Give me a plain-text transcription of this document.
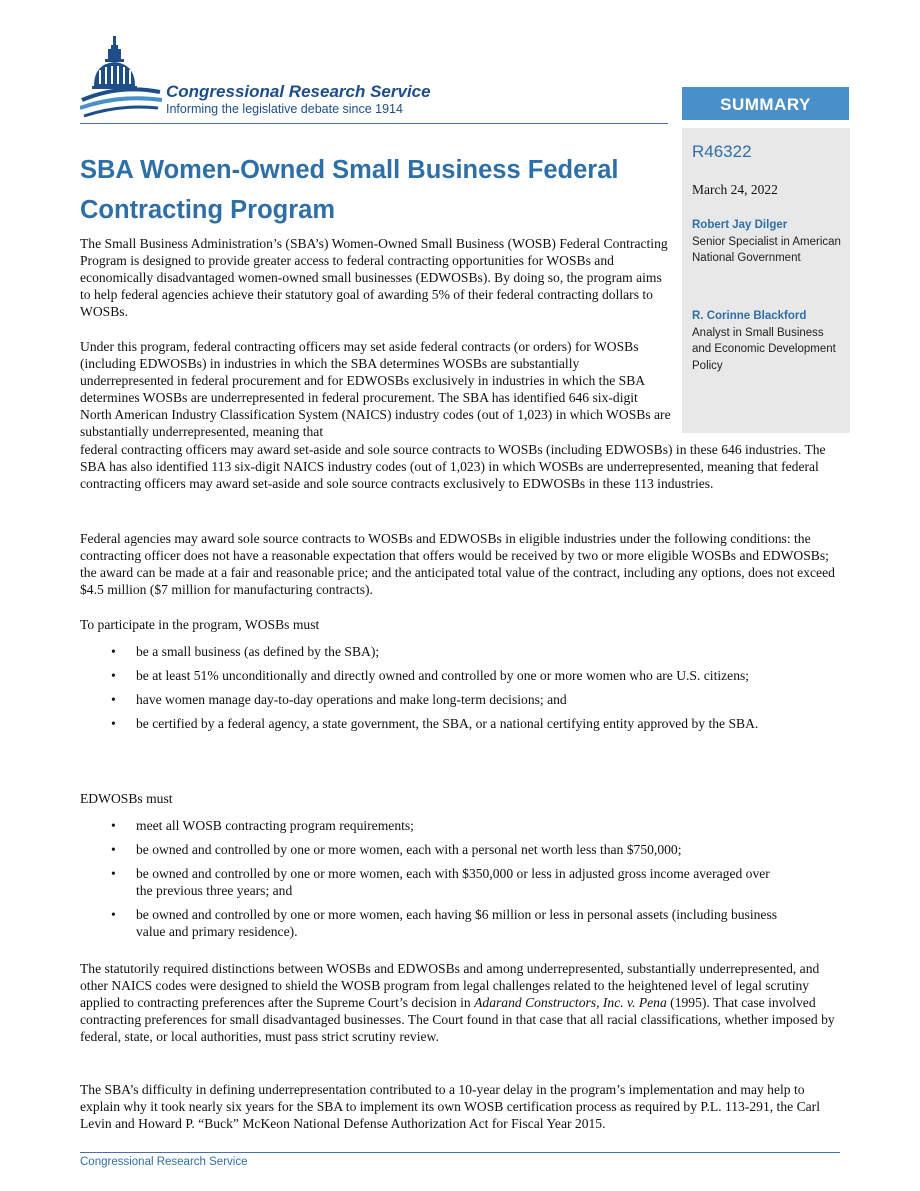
Congressional Research Service
Informing the legislative debate since 1914	SUMMARY
R46322
March 24, 2022
Robert Jay Dilger
Senior Specialist in American National Government
R. Corinne Blackford
Analyst in Small Business and Economic Development Policy
SBA Women-Owned Small Business Federal Contracting Program
The Small Business Administration’s (SBA’s) Women-Owned Small Business (WOSB) Federal Contracting Program is designed to provide greater access to federal contracting opportunities for WOSBs and economically disadvantaged women-owned small businesses (EDWOSBs). By doing so, the program aims to help federal agencies achieve their statutory goal of awarding 5% of their federal contracting dollars to WOSBs.
Under this program, federal contracting officers may set aside federal contracts (or orders) for WOSBs (including EDWOSBs) in industries in which the SBA determines WOSBs are substantially underrepresented in federal procurement and for EDWOSBs exclusively in industries in which the SBA determines WOSBs are underrepresented in federal procurement. The SBA has identified 646 six-digit North American Industry Classification System (NAICS) industry codes (out of 1,023) in which WOSBs are substantially underrepresented, meaning that
federal contracting officers may award set-aside and sole source contracts to WOSBs (including EDWOSBs) in these 646 industries. The SBA has also identified 113 six-digit NAICS industry codes (out of 1,023) in which WOSBs are underrepresented, meaning that federal contracting officers may award set-aside and sole source contracts exclusively to EDWOSBs in these 113 industries.
Federal agencies may award sole source contracts to WOSBs and EDWOSBs in eligible industries under the following conditions: the contracting officer does not have a reasonable expectation that offers would be received by two or more eligible WOSBs and EDWOSBs; the award can be made at a fair and reasonable price; and the anticipated total value of the contract, including any options, does not exceed $4.5 million ($7 million for manufacturing contracts).
To participate in the program, WOSBs must
• be a small business (as defined by the SBA);
• be at least 51% unconditionally and directly owned and controlled by one or more women who are U.S. citizens;
• have women manage day-to-day operations and make long-term decisions; and
• be certified by a federal agency, a state government, the SBA, or a national certifying entity approved by the SBA.
EDWOSBs must
• meet all WOSB contracting program requirements;
• be owned and controlled by one or more women, each with a personal net worth less than $750,000;
• be owned and controlled by one or more women, each with $350,000 or less in adjusted gross income averaged over the previous three years; and
• be owned and controlled by one or more women, each having $6 million or less in personal assets (including business value and primary residence).
The statutorily required distinctions between WOSBs and EDWOSBs and among underrepresented, substantially underrepresented, and other NAICS codes were designed to shield the WOSB program from legal challenges related to the heightened level of legal scrutiny applied to contracting preferences after the Supreme Court’s decision in Adarand Constructors, Inc. v. Pena (1995). That case involved contracting preferences for small disadvantaged businesses. The Court found in that case that all racial classifications, whether imposed by federal, state, or local authorities, must pass strict scrutiny review.
The SBA’s difficulty in defining underrepresentation contributed to a 10-year delay in the program’s implementation and may help to explain why it took nearly six years for the SBA to implement its own WOSB certification process as required by P.L. 113-291, the Carl Levin and Howard P. “Buck” McKeon National Defense Authorization Act for Fiscal Year 2015.
Congressional Research Service
